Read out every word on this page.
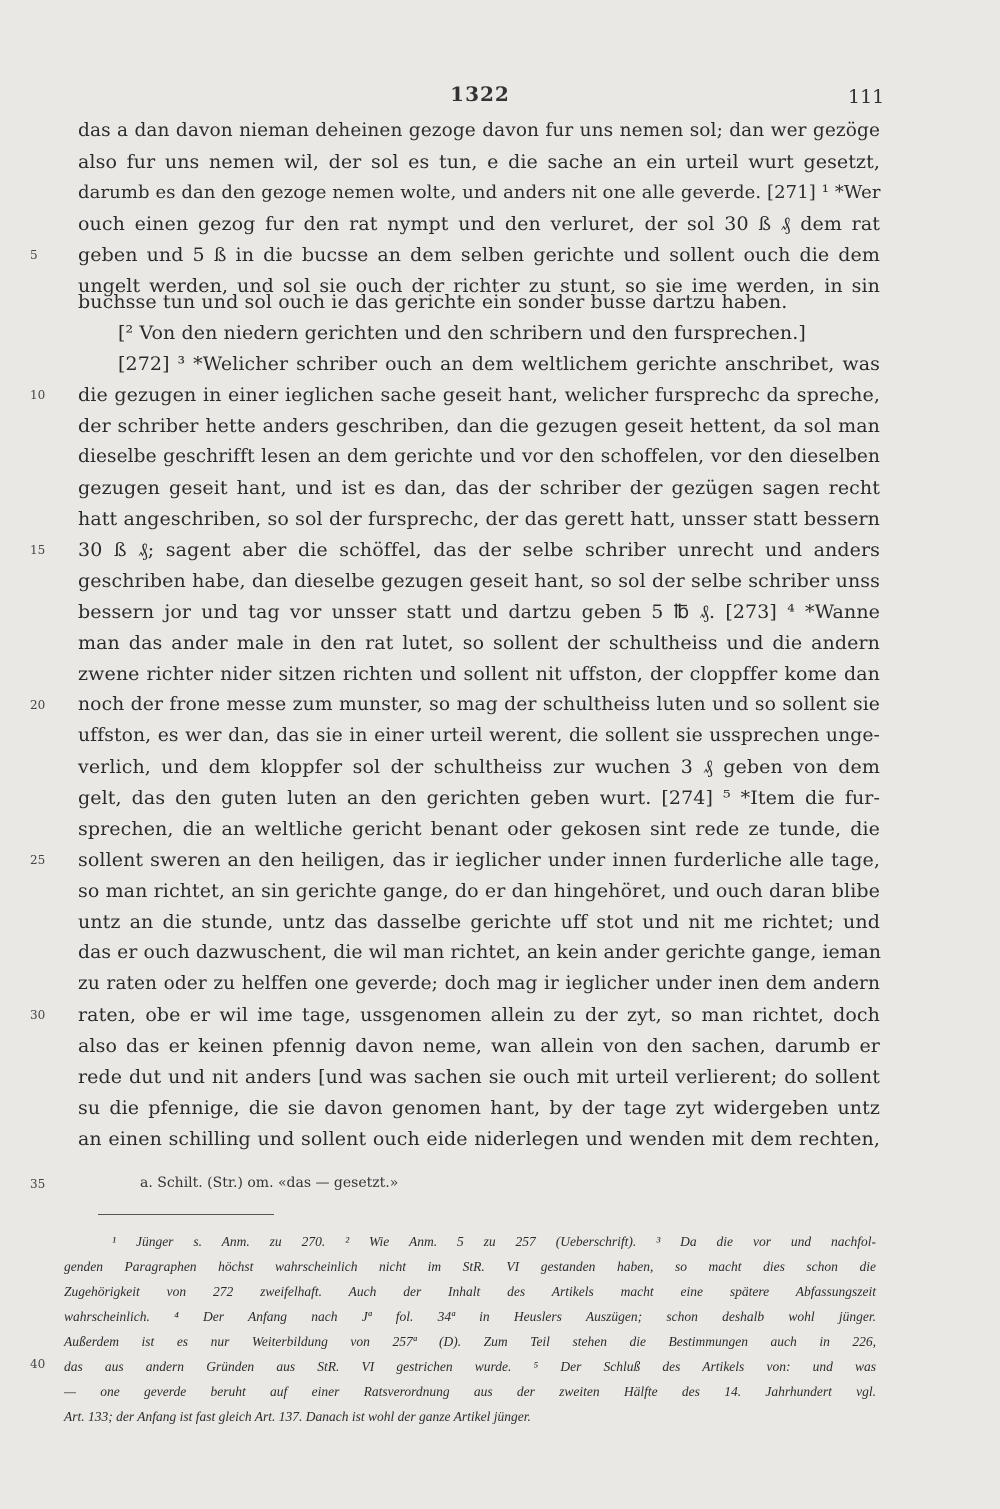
1322	111
das a dan davon nieman deheinen gezoge davon fur uns nemen sol; dan wer gezöge
also fur uns nemen wil, der sol es tun, e die sache an ein urteil wurt gesetzt,
darumb es dan den gezoge nemen wolte, und anders nit one alle geverde. [271] ¹ *Wer
ouch einen gezog fur den rat nympt und den verluret, der sol 30 ß ₰ dem rat
geben und 5 ß in die bucsse an dem selben gerichte und sollent ouch die dem
ungelt werden, und sol sie ouch der richter zu stunt, so sie ime werden, in sin
buchsse tun und sol ouch ie das gerichte ein sonder busse dartzu haben.
[² Von den niedern gerichten und den schribern und den fursprechen.]
[272] ³ *Welicher schriber ouch an dem weltlichem gerichte anschribet, was
die gezugen in einer ieglichen sache geseit hant, welicher fursprechc da spreche,
der schriber hette anders geschriben, dan die gezugen geseit hettent, da sol man
dieselbe geschrifft lesen an dem gerichte und vor den schoffelen, vor den dieselben
gezugen geseit hant, und ist es dan, das der schriber der gezügen sagen recht
hatt angeschriben, so sol der fursprechc, der das gerett hatt, unsser statt bessern
30 ß ₰; sagent aber die schöffel, das der selbe schriber unrecht und anders
geschriben habe, dan dieselbe gezugen geseit hant, so sol der selbe schriber unss
bessern jor und tag vor unsser statt und dartzu geben 5 ℔ ₰. [273] ⁴ *Wanne
man das ander male in den rat lutet, so sollent der schultheiss und die andern
zwene richter nider sitzen richten und sollent nit uffston, der cloppffer kome dan
noch der frone messe zum munster, so mag der schultheiss luten und so sollent sie
uffston, es wer dan, das sie in einer urteil werent, die sollent sie ussprechen unge-
verlich, und dem kloppfer sol der schultheiss zur wuchen 3 ₰ geben von dem
gelt, das den guten luten an den gerichten geben wurt. [274] ⁵ *Item die fur-
sprechen, die an weltliche gericht benant oder gekosen sint rede ze tunde, die
sollent sweren an den heiligen, das ir ieglicher under innen furderliche alle tage,
so man richtet, an sin gerichte gange, do er dan hingehöret, und ouch daran blibe
untz an die stunde, untz das dasselbe gerichte uff stot und nit me richtet; und
das er ouch dazwuschent, die wil man richtet, an kein ander gerichte gange, ieman
zu raten oder zu helffen one geverde; doch mag ir ieglicher under inen dem andern
raten, obe er wil ime tage, ussgenomen allein zu der zyt, so man richtet, doch
also das er keinen pfennig davon neme, wan allein von den sachen, darumb er
rede dut und nit anders [und was sachen sie ouch mit urteil verlierent; do sollent
su die pfennige, die sie davon genomen hant, by der tage zyt widergeben untz
an einen schilling und sollent ouch eide niderlegen und wenden mit dem rechten,
5
10
15
20
25
30
35
40
a. Schilt. (Str.) om. «das — gesetzt.»
¹ Jünger s. Anm. zu 270. ² Wie Anm. 5 zu 257 (Ueberschrift). ³ Da die vor und nachfol-
genden Paragraphen höchst wahrscheinlich nicht im StR. VI gestanden haben, so macht dies schon die
Zugehörigkeit von 272 zweifelhaft. Auch der Inhalt des Artikels macht eine spätere Abfassungszeit
wahrscheinlich. ⁴ Der Anfang nach Jª fol. 34ª in Heuslers Auszügen; schon deshalb wohl jünger.
Außerdem ist es nur Weiterbildung von 257ª (D). Zum Teil stehen die Bestimmungen auch in 226,
das aus andern Gründen aus StR. VI gestrichen wurde. ⁵ Der Schluß des Artikels von: und was
— one geverde beruht auf einer Ratsverordnung aus der zweiten Hälfte des 14. Jahrhundert vgl.
Art. 133; der Anfang ist fast gleich Art. 137. Danach ist wohl der ganze Artikel jünger.
